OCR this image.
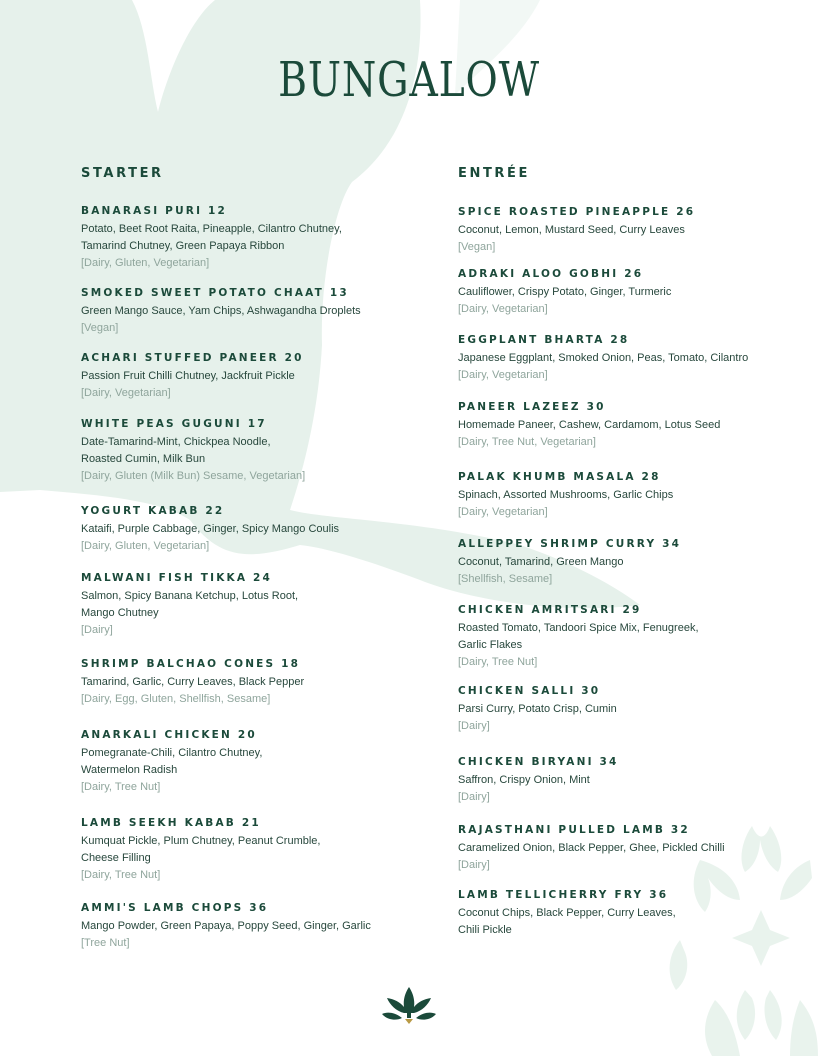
BUNGALOW
STARTER
BANARASI PURI 12
Potato, Beet Root Raita, Pineapple, Cilantro Chutney,
Tamarind Chutney, Green Papaya Ribbon
[Dairy, Gluten, Vegetarian]
SMOKED SWEET POTATO CHAAT 13
Green Mango Sauce, Yam Chips, Ashwagandha Droplets
[Vegan]
ACHARI STUFFED PANEER 20
Passion Fruit Chilli Chutney, Jackfruit Pickle
[Dairy, Vegetarian]
WHITE PEAS GUGUNI 17
Date-Tamarind-Mint, Chickpea Noodle,
Roasted Cumin, Milk Bun
[Dairy, Gluten (Milk Bun) Sesame, Vegetarian]
YOGURT KABAB 22
Kataifi, Purple Cabbage, Ginger, Spicy Mango Coulis
[Dairy, Gluten, Vegetarian]
MALWANI FISH TIKKA 24
Salmon, Spicy Banana Ketchup, Lotus Root,
Mango Chutney
[Dairy]
SHRIMP BALCHAO CONES 18
Tamarind, Garlic, Curry Leaves, Black Pepper
[Dairy, Egg, Gluten, Shellfish, Sesame]
ANARKALI CHICKEN 20
Pomegranate-Chili, Cilantro Chutney,
Watermelon Radish
[Dairy, Tree Nut]
LAMB SEEKH KABAB 21
Kumquat Pickle, Plum Chutney, Peanut Crumble,
Cheese Filling
[Dairy, Tree Nut]
AMMI'S LAMB CHOPS 36
Mango Powder, Green Papaya, Poppy Seed, Ginger, Garlic
[Tree Nut]
ENTRÉE
SPICE ROASTED PINEAPPLE 26
Coconut, Lemon, Mustard Seed, Curry Leaves
[Vegan]
ADRAKI ALOO GOBHI 26
Cauliflower, Crispy Potato, Ginger, Turmeric
[Dairy, Vegetarian]
EGGPLANT BHARTA 28
Japanese Eggplant, Smoked Onion, Peas, Tomato, Cilantro
[Dairy, Vegetarian]
PANEER LAZEEZ 30
Homemade Paneer, Cashew, Cardamom, Lotus Seed
[Dairy, Tree Nut, Vegetarian]
PALAK KHUMB MASALA 28
Spinach, Assorted Mushrooms, Garlic Chips
[Dairy, Vegetarian]
ALLEPPEY SHRIMP CURRY 34
Coconut, Tamarind, Green Mango
[Shellfish, Sesame]
CHICKEN AMRITSARI 29
Roasted Tomato, Tandoori Spice Mix, Fenugreek,
Garlic Flakes
[Dairy, Tree Nut]
CHICKEN SALLI 30
Parsi Curry, Potato Crisp, Cumin
[Dairy]
CHICKEN BIRYANI 34
Saffron, Crispy Onion, Mint
[Dairy]
RAJASTHANI PULLED LAMB 32
Caramelized Onion, Black Pepper, Ghee, Pickled Chilli
[Dairy]
LAMB TELLICHERRY FRY 36
Coconut Chips, Black Pepper, Curry Leaves,
Chili Pickle
